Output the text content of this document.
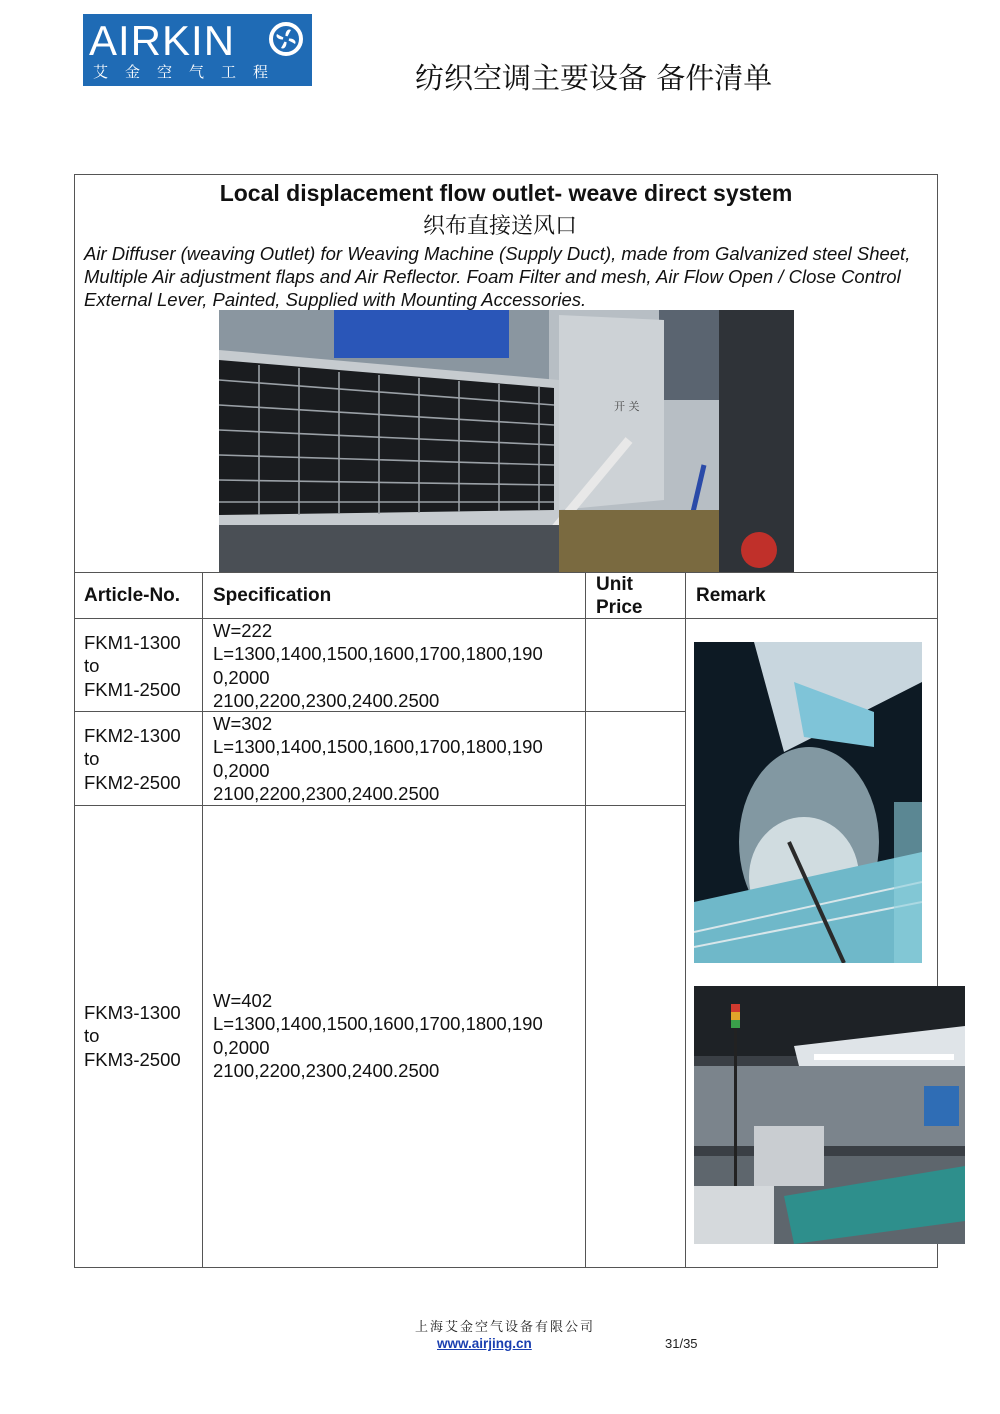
AIRKIN
艾金空气工程	纺织空调主要设备 备件清单
Local displacement flow outlet- weave direct system
织布直接送风口
Air Diffuser (weaving Outlet) for Weaving Machine (Supply Duct), made from Galvanized steel Sheet, Multiple Air adjustment flaps and Air Reflector. Foam Filter and mesh, Air Flow Open / Close Control External Lever, Painted, Supplied with Mounting Accessories.
开 关
Article-No. Specification
Unit
Price
Remark
FKM1-1300
to
FKM1-2500
W=222
L=1300,1400,1500,1600,1700,1800,190
0,2000
2100,2200,2300,2400.2500
FKM2-1300
to
FKM2-2500
W=302
L=1300,1400,1500,1600,1700,1800,190
0,2000
2100,2200,2300,2400.2500
FKM3-1300
to
FKM3-2500
W=402
L=1300,1400,1500,1600,1700,1800,190
0,2000
2100,2200,2300,2400.2500
上海艾金空气设备有限公司
www.airjing.cn	31/35
